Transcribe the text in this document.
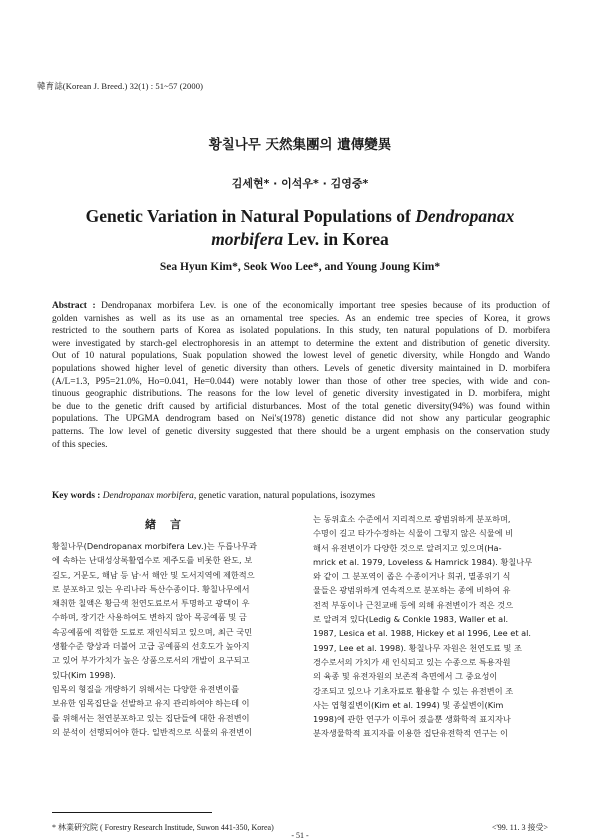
韓育誌(Korean J. Breed.) 32(1) : 51~57 (2000)
황칠나무 天然集團의 遺傳變異
김세현* · 이석우* · 김영중*
Genetic Variation in Natural Populations of Dendropanax
morbifera Lev. in Korea
Sea Hyun Kim*, Seok Woo Lee*, and Young Joung Kim*
Abstract : Dendropanax morbifera Lev. is one of the economically important tree spesies because of its production of
golden varnishes as well as its use as an ornamental tree species. As an endemic tree species of Korea, it grows
restricted to the southern parts of Korea as isolated populations. In this study, ten natural populations of D. morbifera
were investigated by starch-gel electrophoresis in an attempt to determine the extent and distribution of genetic diversity.
Out of 10 natural populations, Suak population showed the lowest level of genetic diversity, while Hongdo and Wando
populations showed higher level of genetic diversity than others. Levels of genetic diversity maintained in D. morbifera
(A/L=1.3, P95=21.0%, Ho=0.041, He=0.044) were notably lower than those of other tree species, with wide and con-
tinuous geographic distributions. The reasons for the low level of genetic diversity investigated in D. morbifera, might
be due to the genetic drift caused by artificial disturbances. Most of the total genetic diversity(94%) was found within
populations. The UPGMA dendrogram based on Nei's(1978) genetic distance did not show any particular geographic
patterns. The low level of genetic diversity suggested that there should be a urgent emphasis on the conservation study
of this species.
Key words : Dendropanax morbifera, genetic varation, natural populations, isozymes
緖言
황칠나무(Dendropanax morbifera Lev.)는 두릅나무과
에 속하는 난대성상록활엽수로 제주도를 비롯한 완도, 보
길도, 거문도, 해남 등 남·서 해안 및 도서지역에 제한적으
로 분포하고 있는 우리나라 특산수종이다. 황칠나무에서
채취한 칠액은 황금색 천연도료로서 투명하고 광택이 우
수하며, 장기간 사용하여도 변하지 않아 목공예품 및 금
속공예품에 적합한 도료로 재인식되고 있으며, 최근 국민
생활수준 향상과 더불어 고급 공예품의 선호도가 높아지
고 있어 부가가치가 높은 상품으로서의 개발이 요구되고
있다(Kim 1998).
임목의 형질을 개량하기 위해서는 다양한 유전변이를
보유한 임목집단을 선발하고 유지 관리하여야 하는데 이
를 위해서는 천연분포하고 있는 집단들에 대한 유전변이
의 분석이 선행되어야 한다. 일반적으로 식물의 유전변이
는 동위효소 수준에서 지리적으로 광범위하게 분포하며,
수명이 길고 타가수정하는 식물이 그렇지 않은 식물에 비
해서 유전변이가 다양한 것으로 알려지고 있으며(Ha-
mrick et al. 1979, Loveless & Hamrick 1984). 황칠나무
와 같이 그 분포역이 좁은 수종이거나 희귀, 멸종위기 식
물들은 광범위하게 연속적으로 분포하는 종에 비하여 유
전적 부동이나 근친교배 등에 의해 유전변이가 적은 것으
로 알려져 있다(Ledig & Conkle 1983, Waller et al.
1987, Lesica et al. 1988, Hickey et al 1996, Lee et al.
1997, Lee et al. 1998). 황칠나무 자원은 천연도료 및 조
경수로서의 가치가 새 인식되고 있는 수종으로 특용자원
의 육종 및 유전자원의 보존적 측면에서 그 중요성이
강조되고 있으나 기초자료로 활용할 수 있는 유전변이 조
사는 엽형질변이(Kim et al. 1994) 및 종실변이(Kim
1998)에 관한 연구가 이루어 졌을뿐 생화학적 표지자나
분자생물학적 표지자를 이용한 집단유전학적 연구는 이
* 林業硏究院 ( Forestry Research Institude, Suwon 441-350, Korea)	<'99. 11. 3 接受>
- 51 -
